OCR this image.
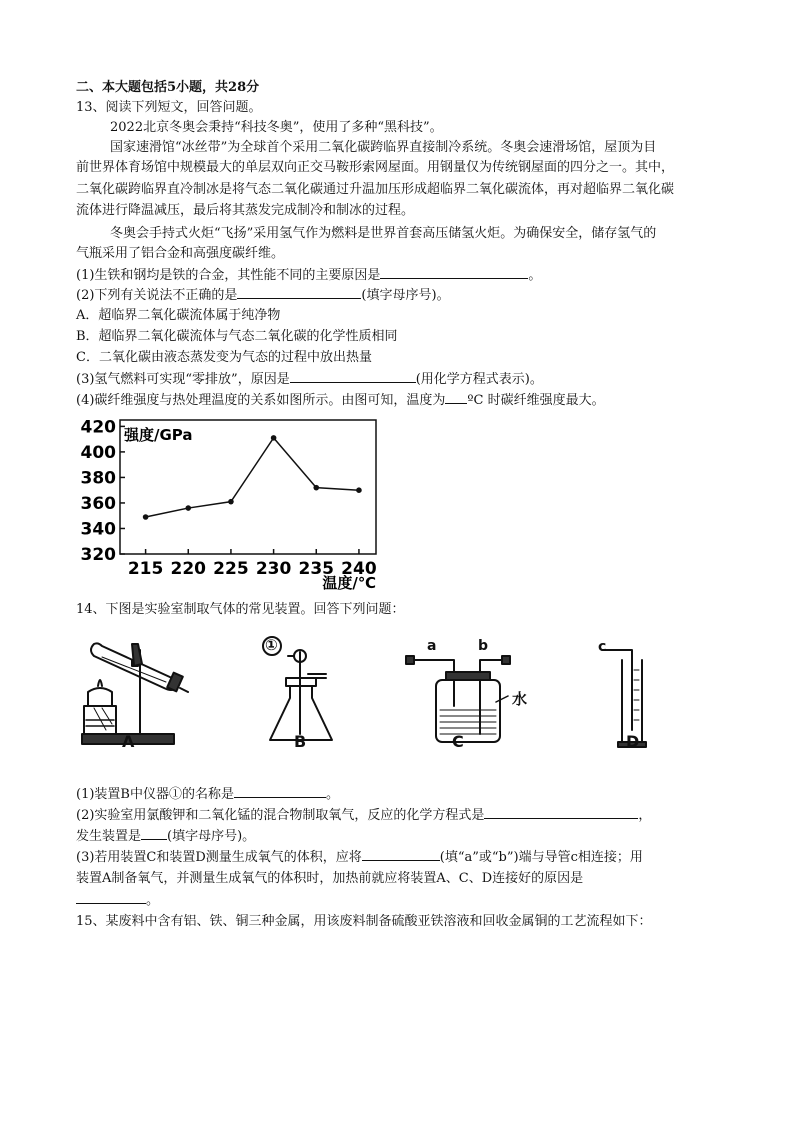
二、本大题包括5小题，共28分
13、阅读下列短文，回答问题。
2022北京冬奥会秉持“科技冬奥”，使用了多种“黑科技”。
国家速滑馆“冰丝带”为全球首个采用二氧化碳跨临界直接制冷系统。冬奥会速滑场馆，屋顶为目
前世界体育场馆中规模最大的单层双向正交马鞍形索网屋面。用钢量仅为传统钢屋面的四分之一。其中，
二氧化碳跨临界直冷制冰是将气态二氧化碳通过升温加压形成超临界二氧化碳流体，再对超临界二氧化碳
流体进行降温减压，最后将其蒸发完成制冷和制冰的过程。
冬奥会手持式火炬“飞扬”采用氢气作为燃料是世界首套高压储氢火炬。为确保安全，储存氢气的
气瓶采用了铝合金和高强度碳纤维。
(1)生铁和钢均是铁的合金，其性能不同的主要原因是	。
(2)下列有关说法不正确的是	(填字母序号)。
A．超临界二氧化碳流体属于纯净物
B．超临界二氧化碳流体与气态二氧化碳的化学性质相同
C．二氧化碳由液态蒸发变为气态的过程中放出热量
(3)氢气燃料可实现“零排放”，原因是	(用化学方程式表示)。
(4)碳纤维强度与热处理温度的关系如图所示。由图可知，温度为 ºC 时碳纤维强度最大。
320
340
360
380
400
420
215 220 225 230 235 240
强度/GPa
温度/℃
14、下图是实验室制取气体的常见装置。回答下列问题：
A	B	C	D
①	a	b	c
水
(1)装置B中仪器①的名称是	。
(2)实验室用氯酸钾和二氧化锰的混合物制取氧气，反应的化学方程式是	，
发生装置是 (填字母序号)。
(3)若用装置C和装置D测量生成氧气的体积，应将	(填“a”或“b”)端与导管c相连接；用
装置A制备氧气，并测量生成氧气的体积时，加热前就应将装置A、C、D连接好的原因是
。
15、某废料中含有铝、铁、铜三种金属，用该废料制备硫酸亚铁溶液和回收金属铜的工艺流程如下：
